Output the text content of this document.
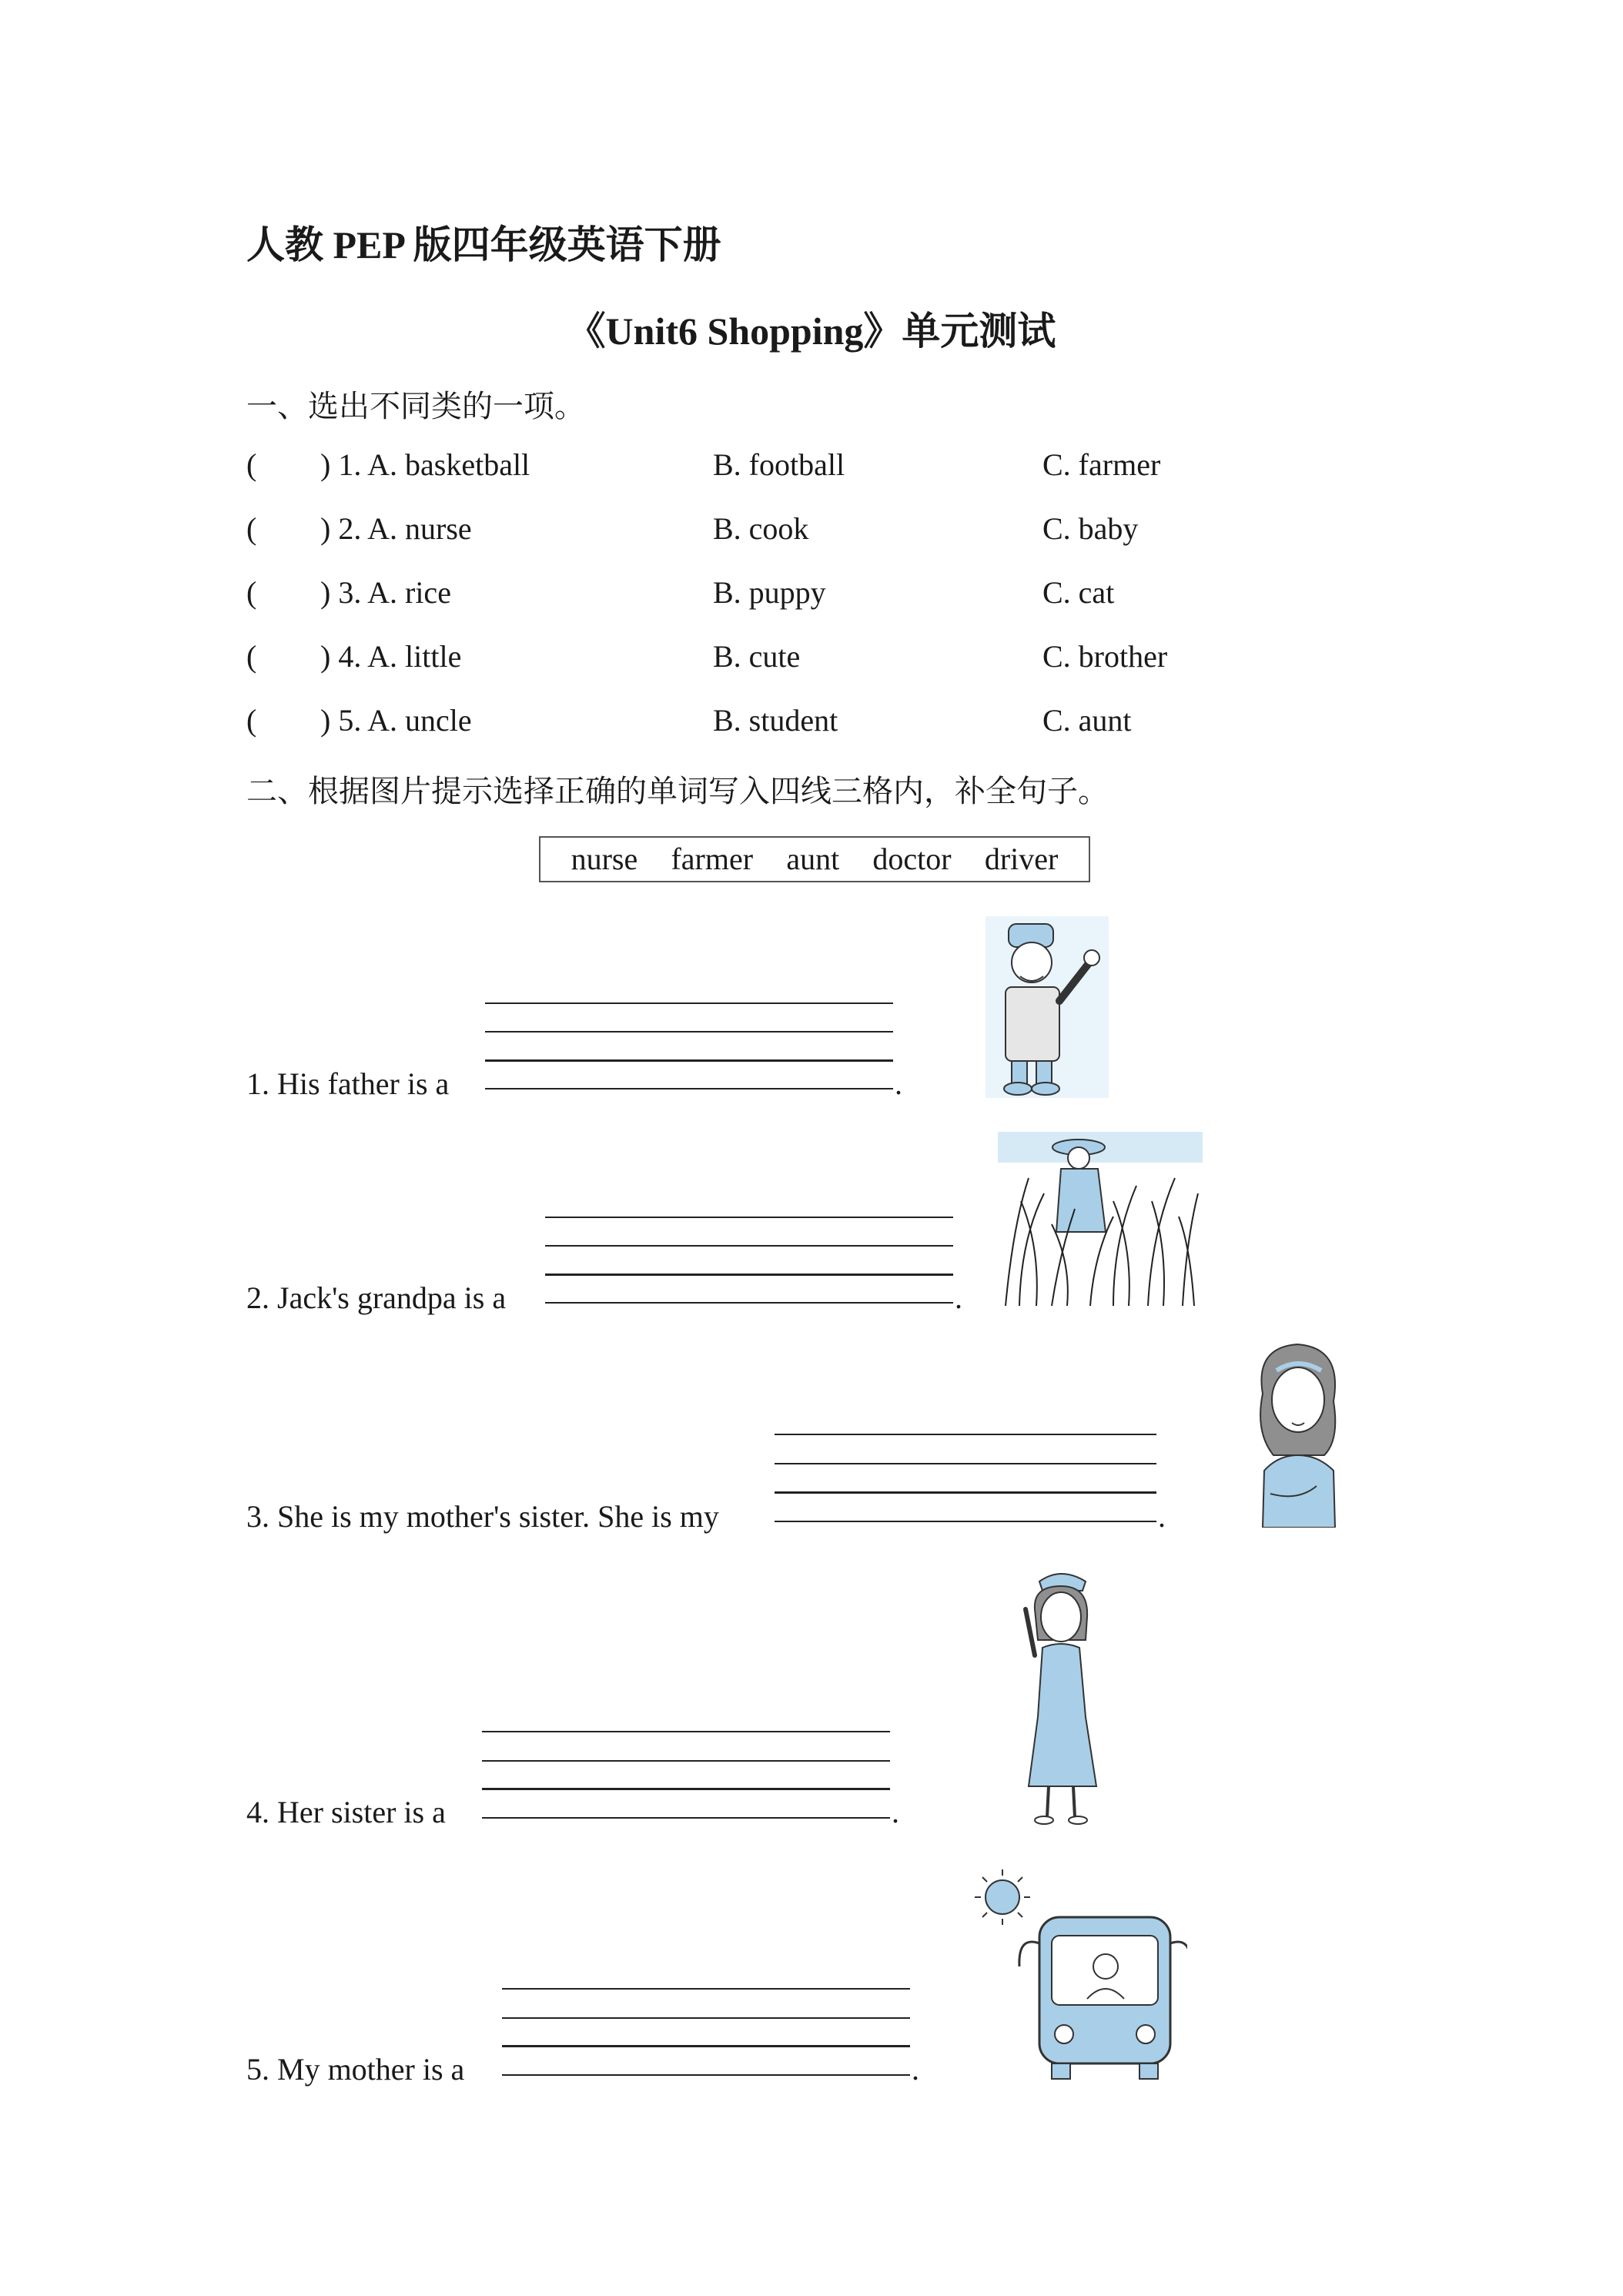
人教 PEP 版四年级英语下册
《Unit6 Shopping》单元测试
一、选出不同类的一项。
( ) 1. A. basketball	B. football	C. farmer
( ) 2. A. nurse	B. cook	C. baby
( ) 3. A. rice	B. puppy	C. cat
( ) 4. A. little	B. cute	C. brother
( ) 5. A. uncle	B. student	C. aunt
二、根据图片提示选择正确的单词写入四线三格内，补全句子。
nurse farmer aunt doctor driver
1. His father is a	.
2. Jack's grandpa is a	.
3. She is my mother's sister. She is my	.
4. Her sister is a	.
5. My mother is a	.
